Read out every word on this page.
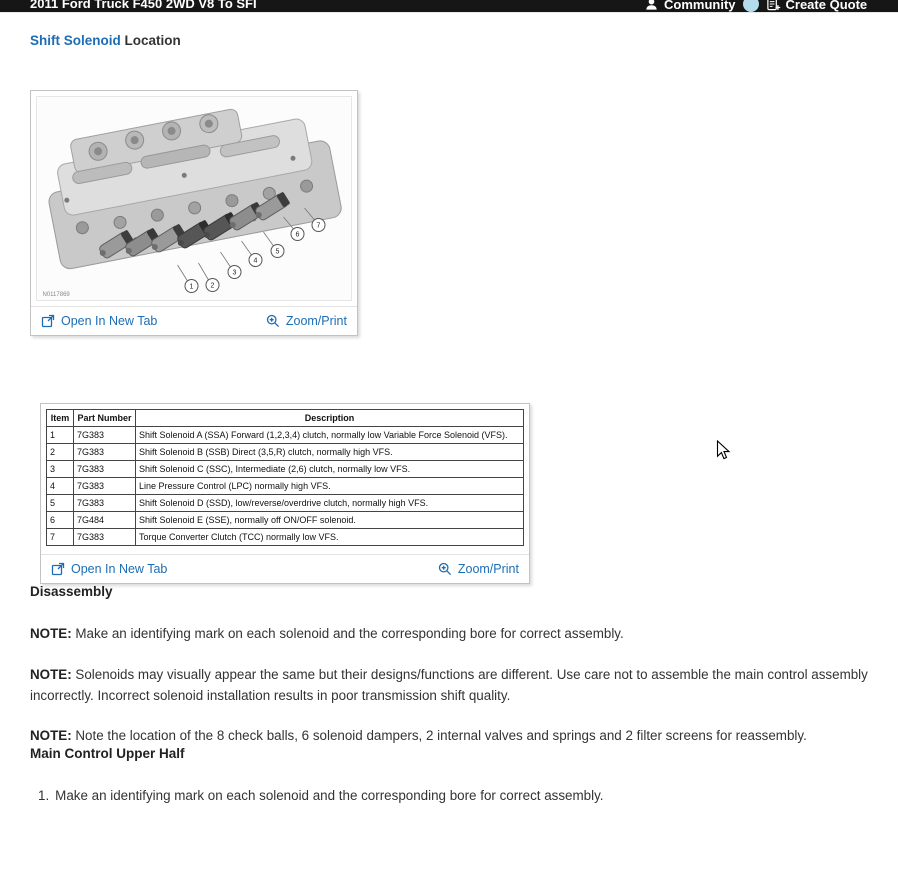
2011 Ford Truck F450 2WD V8 To SFI	Community	Create Quote
Shift Solenoid Location
1 2
3
4
5
6
7
N0117869
Open In New Tab	Zoom/Print
Item	Part Number	Description
1	7G383	Shift Solenoid A (SSA) Forward (1,2,3,4) clutch, normally low Variable Force Solenoid (VFS).
2	7G383	Shift Solenoid B (SSB) Direct (3,5,R) clutch, normally high VFS.
3	7G383	Shift Solenoid C (SSC), Intermediate (2,6) clutch, normally low VFS.
4	7G383	Line Pressure Control (LPC) normally high VFS.
5	7G383	Shift Solenoid D (SSD), low/reverse/overdrive clutch, normally high VFS.
6	7G484	Shift Solenoid E (SSE), normally off ON/OFF solenoid.
7	7G383	Torque Converter Clutch (TCC) normally low VFS.
Open In New Tab	Zoom/Print
Disassembly

NOTE: Make an identifying mark on each solenoid and the corresponding bore for correct assembly.

NOTE: Solenoids may visually appear the same but their designs/functions are different. Use care not to assemble the main control assembly incorrectly. Incorrect solenoid installation results in poor transmission shift quality.

NOTE: Note the location of the 8 check balls, 6 solenoid dampers, 2 internal valves and springs and 2 filter screens for reassembly.

Main Control Upper Half
1. Make an identifying mark on each solenoid and the corresponding bore for correct assembly.
